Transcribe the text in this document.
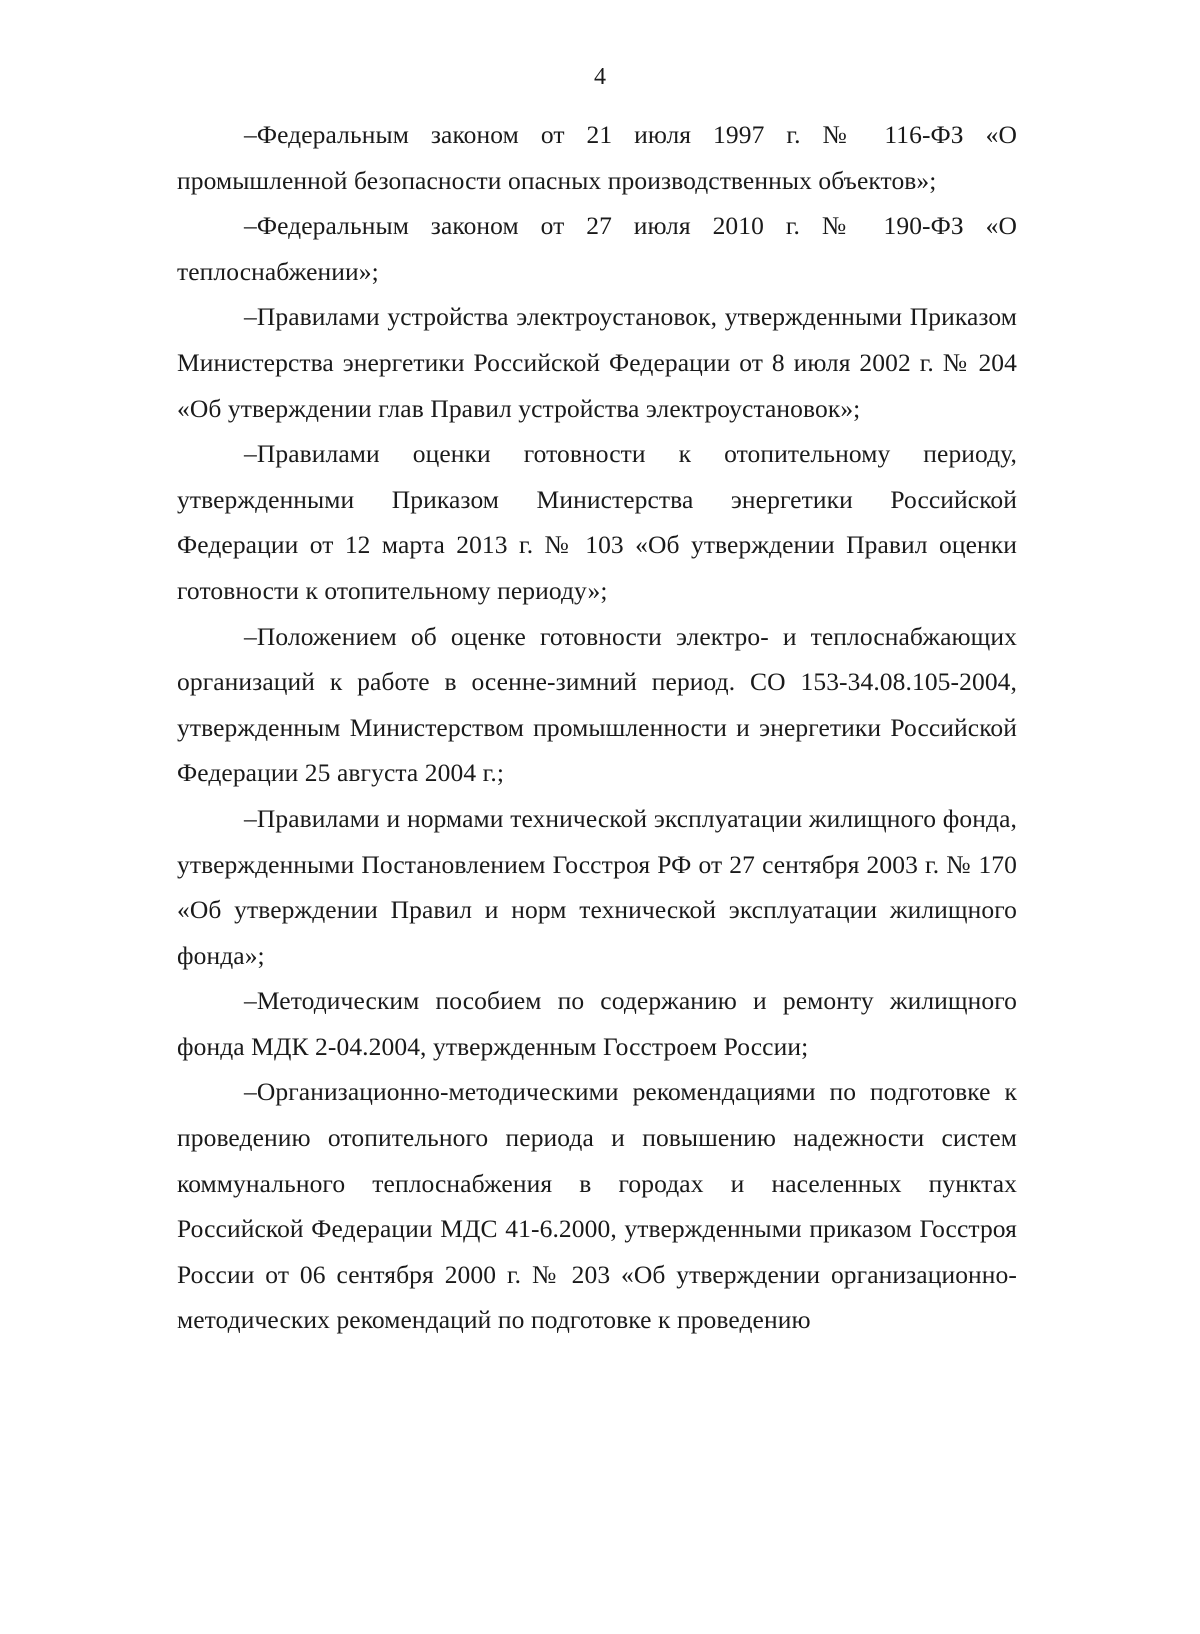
4

–Федеральным законом от 21 июля 1997 г. № 116-ФЗ «О промышленной безопасности опасных производственных объектов»;

–Федеральным законом от 27 июля 2010 г. № 190-ФЗ «О теплоснабжении»;

–Правилами устройства электроустановок, утвержденными Приказом Министерства энергетики Российской Федерации от 8 июля 2002 г. № 204 «Об утверждении глав Правил устройства электроустановок»;

–Правилами оценки готовности к отопительному периоду, утвержденными Приказом Министерства энергетики Российской Федерации от 12 марта 2013 г. № 103 «Об утверждении Правил оценки готовности к отопительному периоду»;

–Положением об оценке готовности электро- и теплоснабжающих организаций к работе в осенне-зимний период. СО 153-34.08.105-2004, утвержденным Министерством промышленности и энергетики Российской Федерации 25 августа 2004 г.;

–Правилами и нормами технической эксплуатации жилищного фонда, утвержденными Постановлением Госстроя РФ от 27 сентября 2003 г. № 170 «Об утверждении Правил и норм технической эксплуатации жилищного фонда»;

–Методическим пособием по содержанию и ремонту жилищного фонда МДК 2-04.2004, утвержденным Госстроем России;

–Организационно-методическими рекомендациями по подготовке к проведению отопительного периода и повышению надежности систем коммунального теплоснабжения в городах и населенных пунктах Российской Федерации МДС 41-6.2000, утвержденными приказом Госстроя России от 06 сентября 2000 г. № 203 «Об утверждении организационно-методических рекомендаций по подготовке к проведению
